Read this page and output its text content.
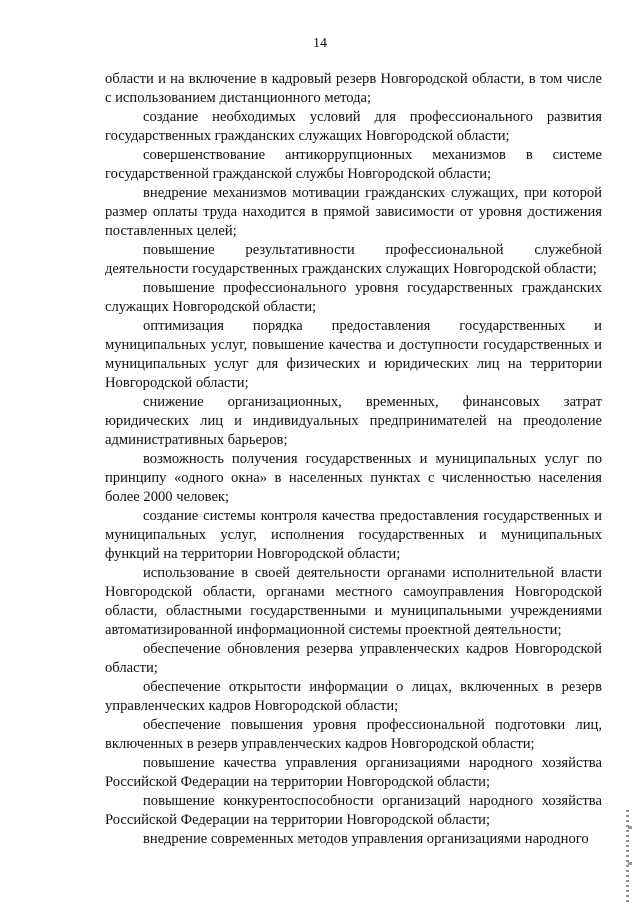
14

области и на включение в кадровый резерв Новгородской области, в том числе с использованием дистанционного метода;

создание необходимых условий для профессионального развития государственных гражданских служащих Новгородской области;

совершенствование антикоррупционных механизмов в системе государственной гражданской службы Новгородской области;

внедрение механизмов мотивации гражданских служащих, при которой размер оплаты труда находится в прямой зависимости от уровня достижения поставленных целей;

повышение результативности профессиональной служебной деятельности государственных гражданских служащих Новгородской области;

повышение профессионального уровня государственных гражданских служащих Новгородской области;

оптимизация порядка предоставления государственных и муниципальных услуг, повышение качества и доступности государственных и муниципальных услуг для физических и юридических лиц на территории Новгородской области;

снижение организационных, временных, финансовых затрат юридических лиц и индивидуальных предпринимателей на преодоление административных барьеров;

возможность получения государственных и муниципальных услуг по принципу «одного окна» в населенных пунктах с численностью населения более 2000 человек;

создание системы контроля качества предоставления государственных и муниципальных услуг, исполнения государственных и муниципальных функций на территории Новгородской области;

использование в своей деятельности органами исполнительной власти Новгородской области, органами местного самоуправления Новгородской области, областными государственными и муниципальными учреждениями автоматизированной информационной системы проектной деятельности;

обеспечение обновления резерва управленческих кадров Новгородской области;

обеспечение открытости информации о лицах, включенных в резерв управленческих кадров Новгородской области;

обеспечение повышения уровня профессиональной подготовки лиц, включенных в резерв управленческих кадров Новгородской области;

повышение качества управления организациями народного хозяйства Российской Федерации на территории Новгородской области;

повышение конкурентоспособности организаций народного хозяйства Российской Федерации на территории Новгородской области;

внедрение современных методов управления организациями народного
